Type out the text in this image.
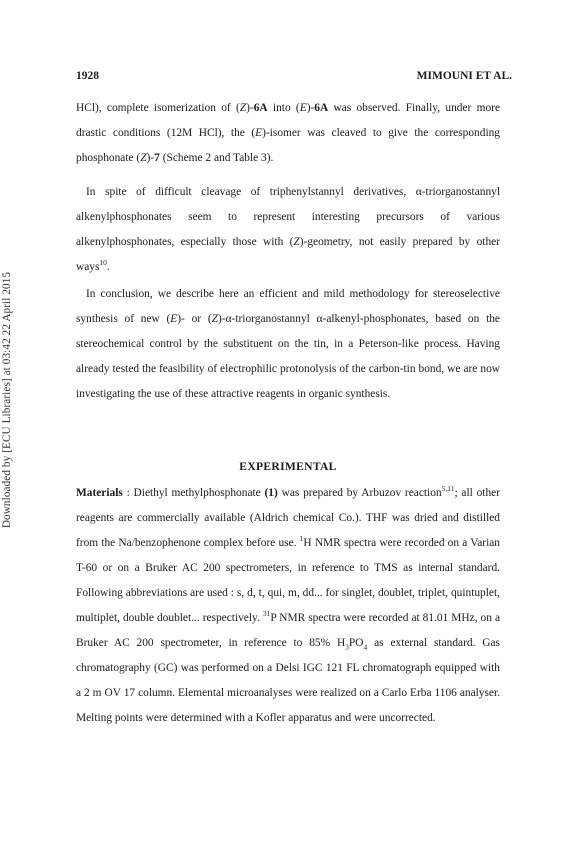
Downloaded by [ECU Libraries] at 03:42 22 April 2015
1928	MIMOUNI ET AL.

HCl), complete isomerization of (Z)-6A into (E)-6A was observed. Finally, under more drastic conditions (12M HCl), the (E)-isomer was cleaved to give the corresponding phosphonate (Z)-7 (Scheme 2 and Table 3).

In spite of difficult cleavage of triphenylstannyl derivatives, α-triorganostannyl alkenylphosphonates seem to represent interesting precursors of various alkenylphosphonates, especially those with (Z)-geometry, not easily prepared by other ways$^{10}$.

In conclusion, we describe here an efficient and mild methodology for stereoselective synthesis of new (E)- or (Z)-α-triorganostannyl α-alkenyl-phosphonates, based on the stereochemical control by the substituent on the tin, in a Peterson-like process. Having already tested the feasibility of electrophilic protonolysis of the carbon-tin bond, we are now investigating the use of these attractive reagents in organic synthesis.

EXPERIMENTAL

Materials : Diethyl methylphosphonate (1) was prepared by Arbuzov reaction$^{5,11}$; all other reagents are commercially available (Aldrich chemical Co.). THF was dried and distilled from the Na/benzophenone complex before use. $^1$H NMR spectra were recorded on a Varian T-60 or on a Bruker AC 200 spectrometers, in reference to TMS as internal standard. Following abbreviations are used : s, d, t, qui, m, dd... for singlet, doublet, triplet, quintuplet, multiplet, double doublet... respectively. $^{31}$P NMR spectra were recorded at 81.01 MHz, on a Bruker AC 200 spectrometer, in reference to 85% $H_3PO_4$ as external standard. Gas chromatography (GC) was performed on a Delsi IGC 121 FL chromatograph equipped with a 2 m OV 17 column. Elemental microanalyses were realized on a Carlo Erba 1106 analyser. Melting points were determined with a Kofler apparatus and were uncorrected.
